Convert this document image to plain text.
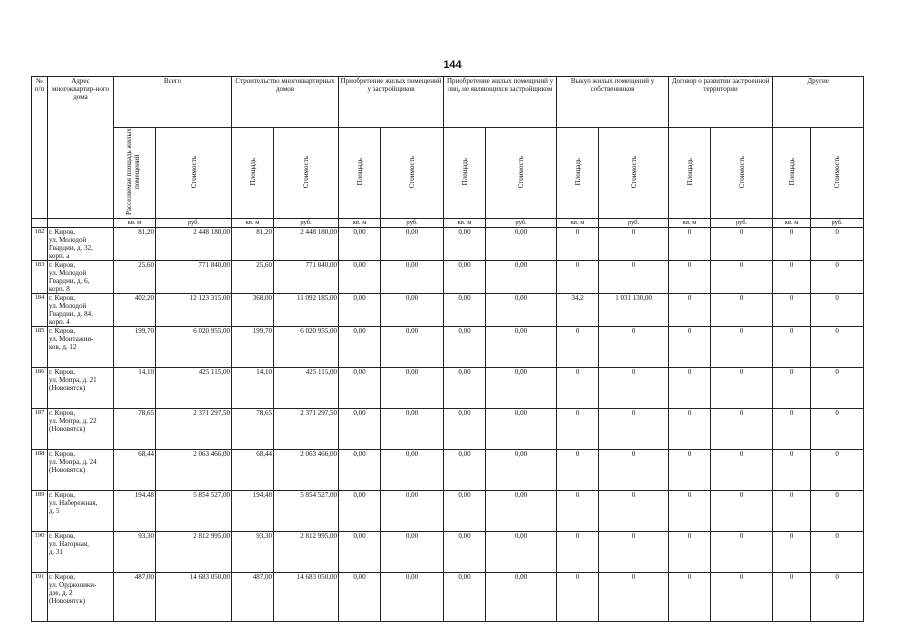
144
№ п/п	Адрес многоквартир-ного дома	Всего		Строительство многоквартирных домов		Приобретение жилых помещений у застройщиков		Приобретение жилых помещений у лиц, не являющихся застройщиком		Выкуп жилых помещений у собственников		Договор о развитии застроенной территории		Другие	
		Расселяемая площадь жилых помещений	Стоимость	Площадь	Стоимость	Площадь	Стоимость	Площадь	Стоимость	Площадь	Стоимость	Площадь	Стоимость	Площадь	Стоимость
		кв. м	руб.	кв. м	руб.	кв. м	руб.	кв. м	руб.	кв. м	руб.	кв. м	руб.	кв. м	руб.
182	г. Киров,
ул. Молодой
Гвардии, д. 32,
корп. а	81,20	2 448 180,00	81,20	2 448 180,00	0,00	0,00	0,00	0,00	0	0	0	0	0	0
183	г. Киров,
ул. Молодой
Гвардии, д. 6,
корп. 8	25,60	771 840,00	25,60	771 840,00	0,00	0,00	0,00	0,00	0	0	0	0	0	0
184	г. Киров,
ул. Молодой
Гвардии, д. 84,
корп. 4	402,20	12 123 315,00	368,00	11 092 185,00	0,00	0,00	0,00	0,00	34,2	1 031 130,00	0	0	0	0
185	г. Киров,
ул. Монтажни-
ков, д. 12	199,70	6 020 955,00	199,70	6 020 955,00	0,00	0,00	0,00	0,00	0	0	0	0	0	0
186	г. Киров,
ул. Мопра, д. 21
(Нововятск)	14,10	425 115,00	14,10	425 115,00	0,00	0,00	0,00	0,00	0	0	0	0	0	0
187	г. Киров,
ул. Мопра, д. 22
(Нововятск)	78,65	2 371 297,50	78,65	2 371 297,50	0,00	0,00	0,00	0,00	0	0	0	0	0	0
188	г. Киров,
ул. Мопра, д. 24
(Нововятск)	68,44	2 063 466,00	68,44	2 063 466,00	0,00	0,00	0,00	0,00	0	0	0	0	0	0
189	г. Киров,
ул. Набережная,
д. 5	194,48	5 854 527,00	194,48	5 854 527,00	0,00	0,00	0,00	0,00	0	0	0	0	0	0
190	г. Киров,
ул. Нагорная,
д. 31	93,30	2 812 995,00	93,30	2 812 995,00	0,00	0,00	0,00	0,00	0	0	0	0	0	0
191	г. Киров,
ул. Орджоники-
дзе, д. 2
(Нововятск)	487,00	14 683 050,00	487,00	14 683 050,00	0,00	0,00	0,00	0,00	0	0	0	0	0	0
